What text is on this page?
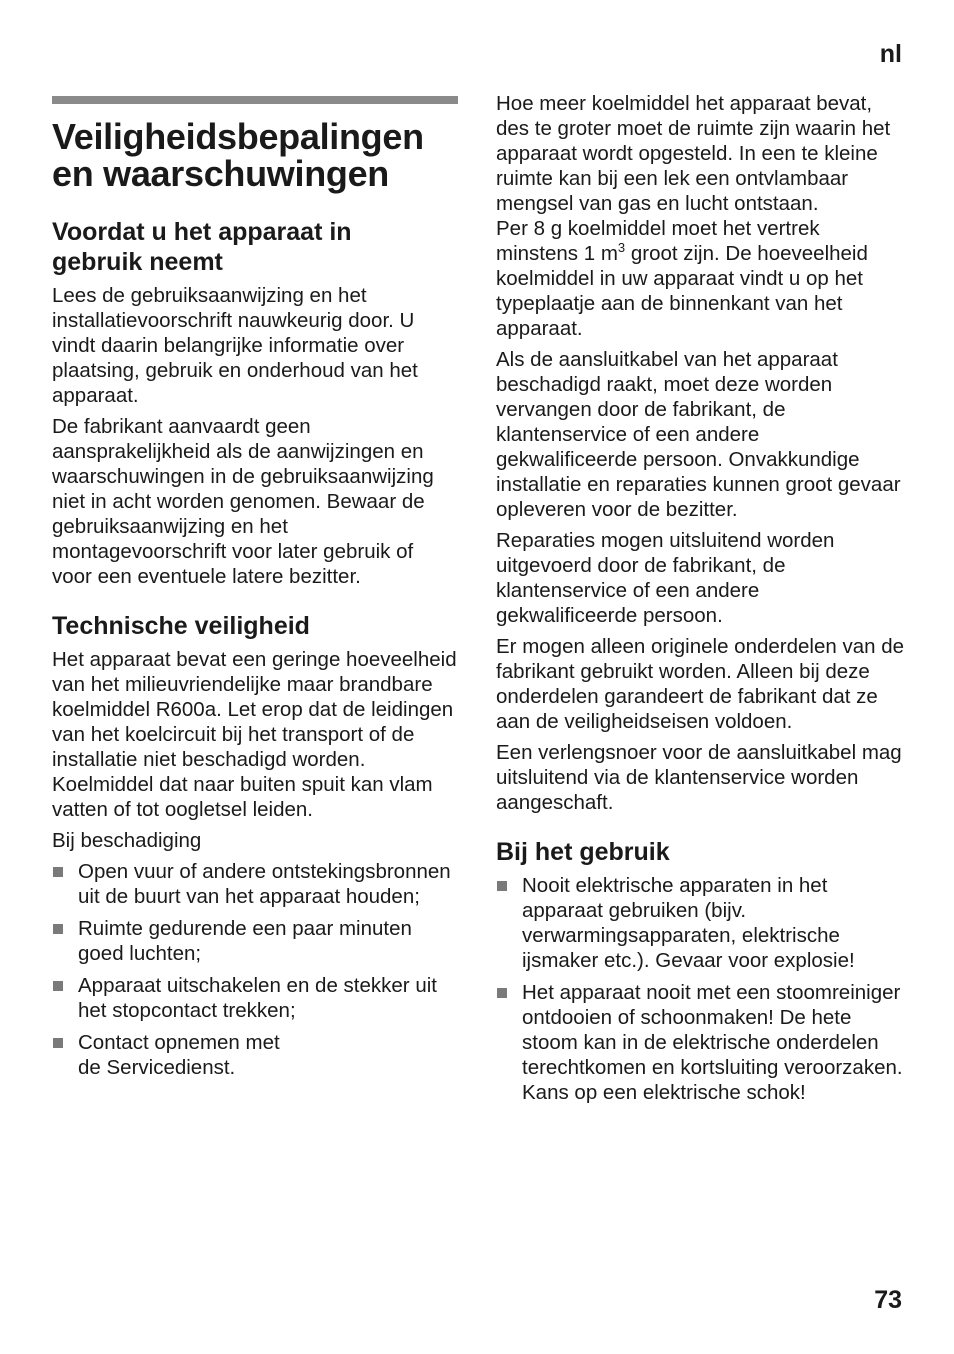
nl
Veiligheidsbepalingen en waarschuwingen
Voordat u het apparaat in gebruik neemt

Lees de gebruiksaanwijzing en het installatievoorschrift nauwkeurig door. U vindt daarin belangrijke informatie over plaatsing, gebruik en onderhoud van het apparaat.

De fabrikant aanvaardt geen aansprakelijkheid als de aanwijzingen en waarschuwingen in de gebruiksaanwijzing niet in acht worden genomen. Bewaar de gebruiksaanwijzing en het montagevoorschrift voor later gebruik of voor een eventuele latere bezitter.

Technische veiligheid

Het apparaat bevat een geringe hoeveelheid van het milieuvriendelijke maar brandbare koelmiddel R600a. Let erop dat de leidingen van het koelcircuit bij het transport of de installatie niet beschadigd worden. Koelmiddel dat naar buiten spuit kan vlam vatten of tot oogletsel leiden.

Bij beschadiging

Open vuur of andere ontstekingsbronnen uit de buurt van het apparaat houden;
Ruimte gedurende een paar minuten goed luchten;
Apparaat uitschakelen en de stekker uit het stopcontact trekken;
Contact opnemen met de Servicedienst.

Hoe meer koelmiddel het apparaat bevat, des te groter moet de ruimte zijn waarin het apparaat wordt opgesteld. In een te kleine ruimte kan bij een lek een ontvlambaar mengsel van gas en lucht ontstaan.

Per 8 g koelmiddel moet het vertrek minstens 1 $m^3$ groot zijn. De hoeveelheid koelmiddel in uw apparaat vindt u op het typeplaatje aan de binnenkant van het apparaat.

Als de aansluitkabel van het apparaat beschadigd raakt, moet deze worden vervangen door de fabrikant, de klantenservice of een andere gekwalificeerde persoon. Onvakkundige installatie en reparaties kunnen groot gevaar opleveren voor de bezitter.

Reparaties mogen uitsluitend worden uitgevoerd door de fabrikant, de klantenservice of een andere gekwalificeerde persoon.

Er mogen alleen originele onderdelen van de fabrikant gebruikt worden. Alleen bij deze onderdelen garandeert de fabrikant dat ze aan de veiligheidseisen voldoen.

Een verlengsnoer voor de aansluitkabel mag uitsluitend via de klantenservice worden aangeschaft.

Bij het gebruik
Nooit elektrische apparaten in het apparaat gebruiken (bijv. verwarmingsapparaten, elektrische ijsmaker etc.). Gevaar voor explosie!
Het apparaat nooit met een stoomreiniger ontdooien of schoonmaken! De hete stoom kan in de elektrische onderdelen terechtkomen en kortsluiting veroorzaken. Kans op een elektrische schok!
73
